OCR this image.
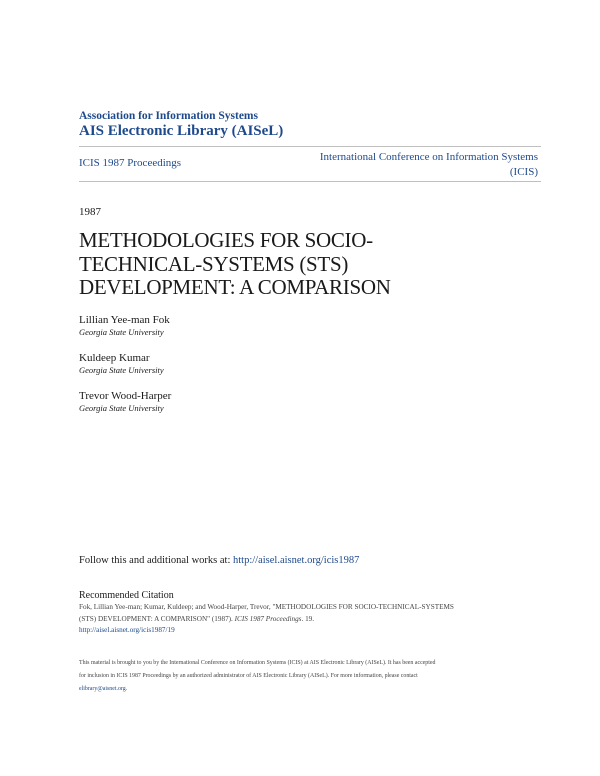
Association for Information Systems
AIS Electronic Library (AISeL)
ICIS 1987 Proceedings	International Conference on Information Systems
(ICIS)
1987
METHODOLOGIES FOR SOCIO-
TECHNICAL-SYSTEMS (STS)
DEVELOPMENT: A COMPARISON
Lillian Yee-man Fok
Georgia State University
Kuldeep Kumar
Georgia State University
Trevor Wood-Harper
Georgia State University
Follow this and additional works at: http://aisel.aisnet.org/icis1987
Recommended Citation
Fok, Lillian Yee-man; Kumar, Kuldeep; and Wood-Harper, Trevor, "METHODOLOGIES FOR SOCIO-TECHNICAL-SYSTEMS
(STS) DEVELOPMENT: A COMPARISON" (1987). ICIS 1987 Proceedings. 19.
http://aisel.aisnet.org/icis1987/19
This material is brought to you by the International Conference on Information Systems (ICIS) at AIS Electronic Library (AISeL). It has been accepted
for inclusion in ICIS 1987 Proceedings by an authorized administrator of AIS Electronic Library (AISeL). For more information, please contact
elibrary@aisnet.org.
